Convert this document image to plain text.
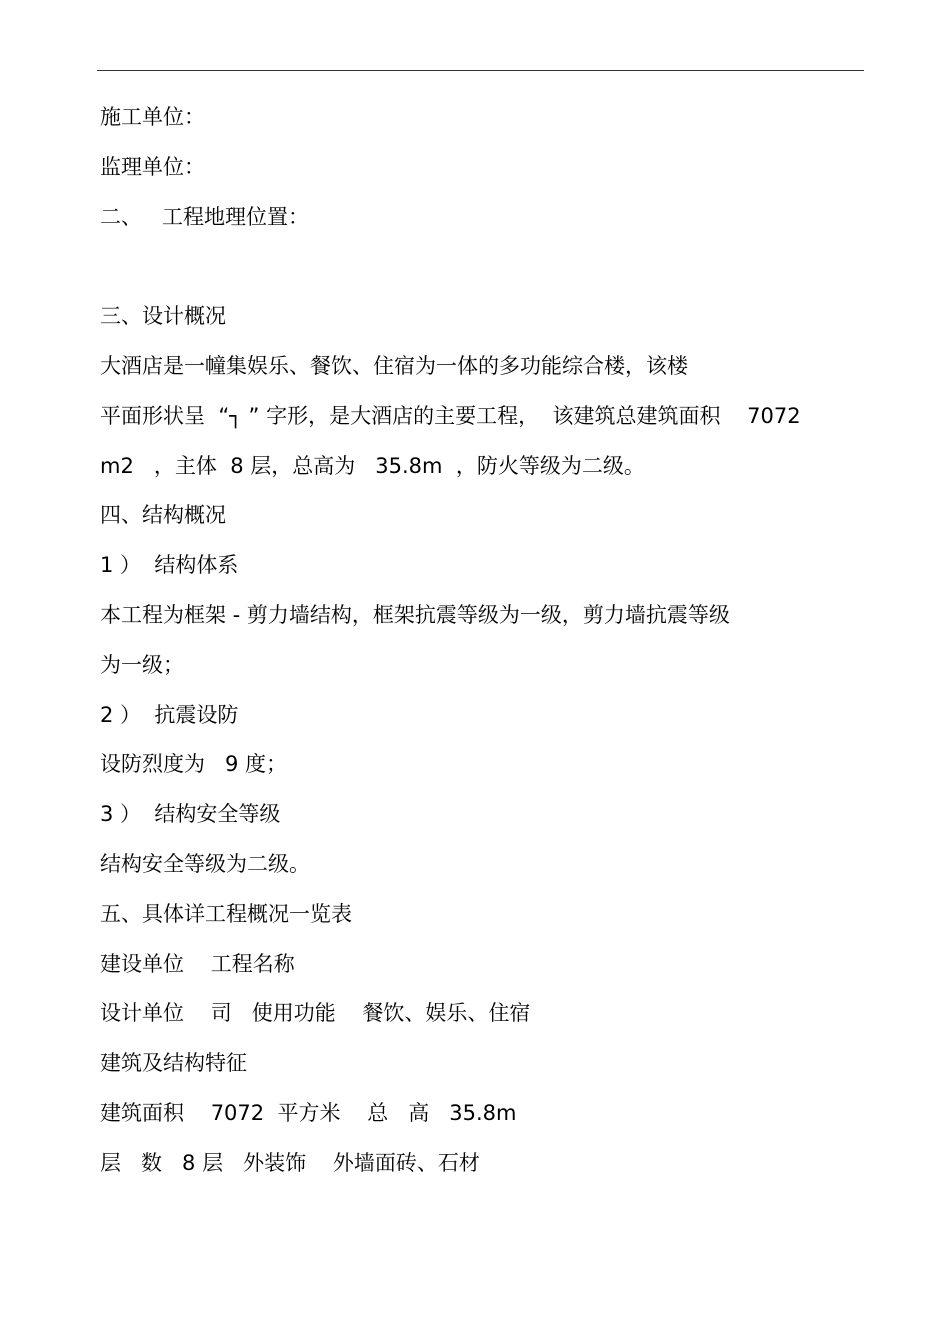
施工单位：
监理单位：
二、   工程地理位置：
三、设计概况
大酒店是一幢集娱乐、餐饮、住宿为一体的多功能综合楼，该楼
平面形状呈  “┐ ” 字形，是大酒店的主要工程，  该建筑总建筑面积    7072
m2   ，主体  8 层，总高为   35.8m  ，防火等级为二级。
四、结构概况
1 ）  结构体系
本工程为框架 - 剪力墙结构，框架抗震等级为一级，剪力墙抗震等级
为一级；
2 ）  抗震设防
设防烈度为   9 度；
3 ）  结构安全等级
结构安全等级为二级。
五、具体详工程概况一览表
建设单位    工程名称
设计单位    司   使用功能    餐饮、娱乐、住宿
建筑及结构特征
建筑面积    7072  平方米    总   高   35.8m
层   数   8 层   外装饰    外墙面砖、石材
